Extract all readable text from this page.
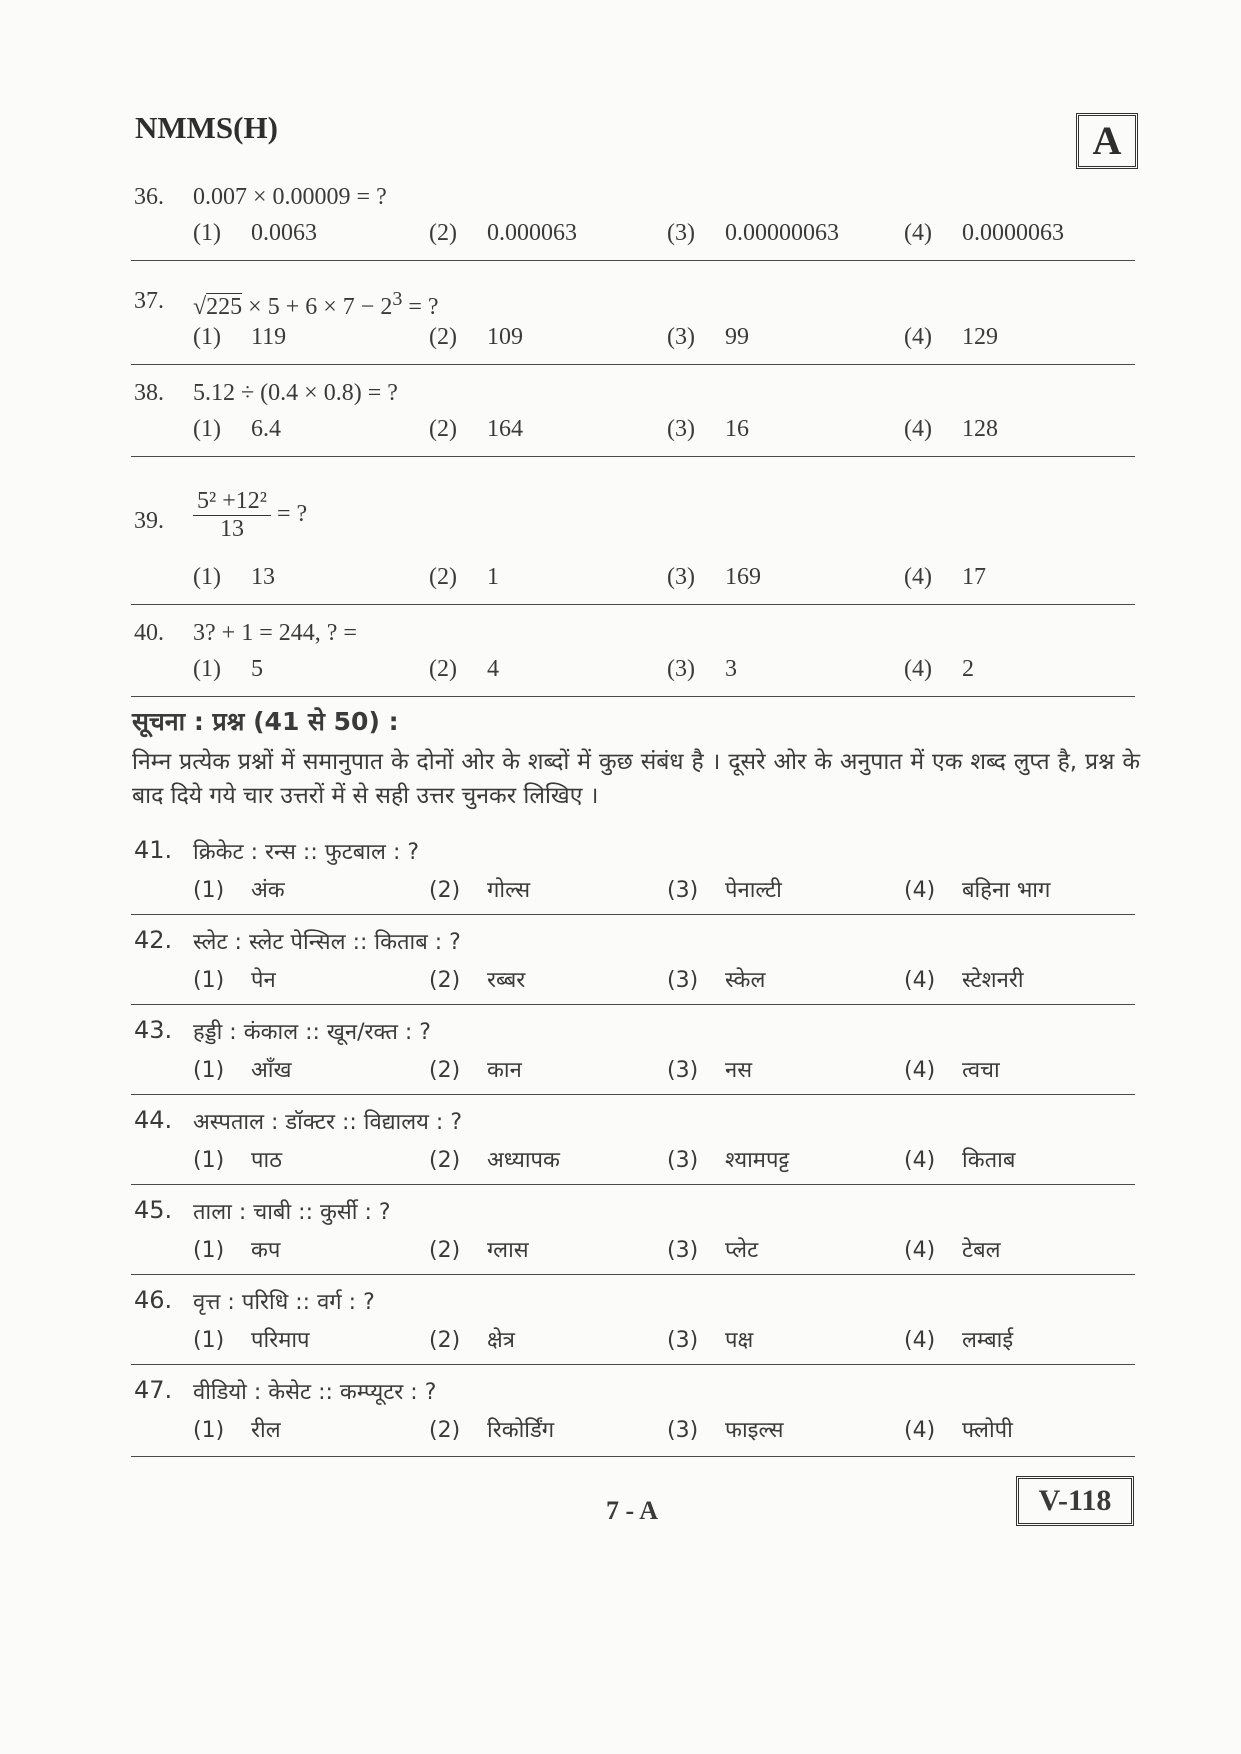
NMMS(H)	A
36. 0.007 × 0.00009 = ?
(1) 0.0063	(2) 0.000063	(3) 0.00000063	(4) 0.0000063
37. $√225 \times 5 + 6 \times 7 - 2^3$ = ?
(1) 119	(2) 109	(3) 99	(4) 129
38. 5.12 ÷ (0.4 × 0.8) = ?
(1) 6.4	(2) 164	(3) 16	(4) 128
39. $\frac{\text{5² +12²}}{13}$ = ?
(1) 13	(2) 1	(3) 169	(4) 17
40. 3? + 1 = 244, ? =
(1) 5	(2) 4	(3) 3	(4) 2
सूचना : प्रश्न (41 से 50) :
निम्न प्रत्येक प्रश्नों में समानुपात के दोनों ओर के शब्दों में कुछ संबंध है । दूसरे ओर के अनुपात में एक शब्द लुप्त है, प्रश्न के बाद दिये गये चार उत्तरों में से सही उत्तर चुनकर लिखिए ।
41. क्रिकेट : रन्स :: फुटबाल : ?
(1) अंक	(2) गोल्स	(3) पेनाल्टी	(4) बहिना भाग
42. स्लेट : स्लेट पेन्सिल :: किताब : ?
(1) पेन	(2) रब्बर	(3) स्केल	(4) स्टेशनरी
43. हड्डी : कंकाल :: खून/रक्त : ?
(1) आँख	(2) कान	(3) नस	(4) त्वचा
44. अस्पताल : डॉक्टर :: विद्यालय : ?
(1) पाठ	(2) अध्यापक	(3) श्यामपट्ट	(4) किताब
45. ताला : चाबी :: कुर्सी : ?
(1) कप	(2) ग्लास	(3) प्लेट	(4) टेबल
46. वृत्त : परिधि :: वर्ग : ?
(1) परिमाप	(2) क्षेत्र	(3) पक्ष	(4) लम्बाई
47. वीडियो : केसेट :: कम्प्यूटर : ?
(1) रील	(2) रिकोर्डिंग	(3) फाइल्स	(4) फ्लोपी
V-118
7 - A
